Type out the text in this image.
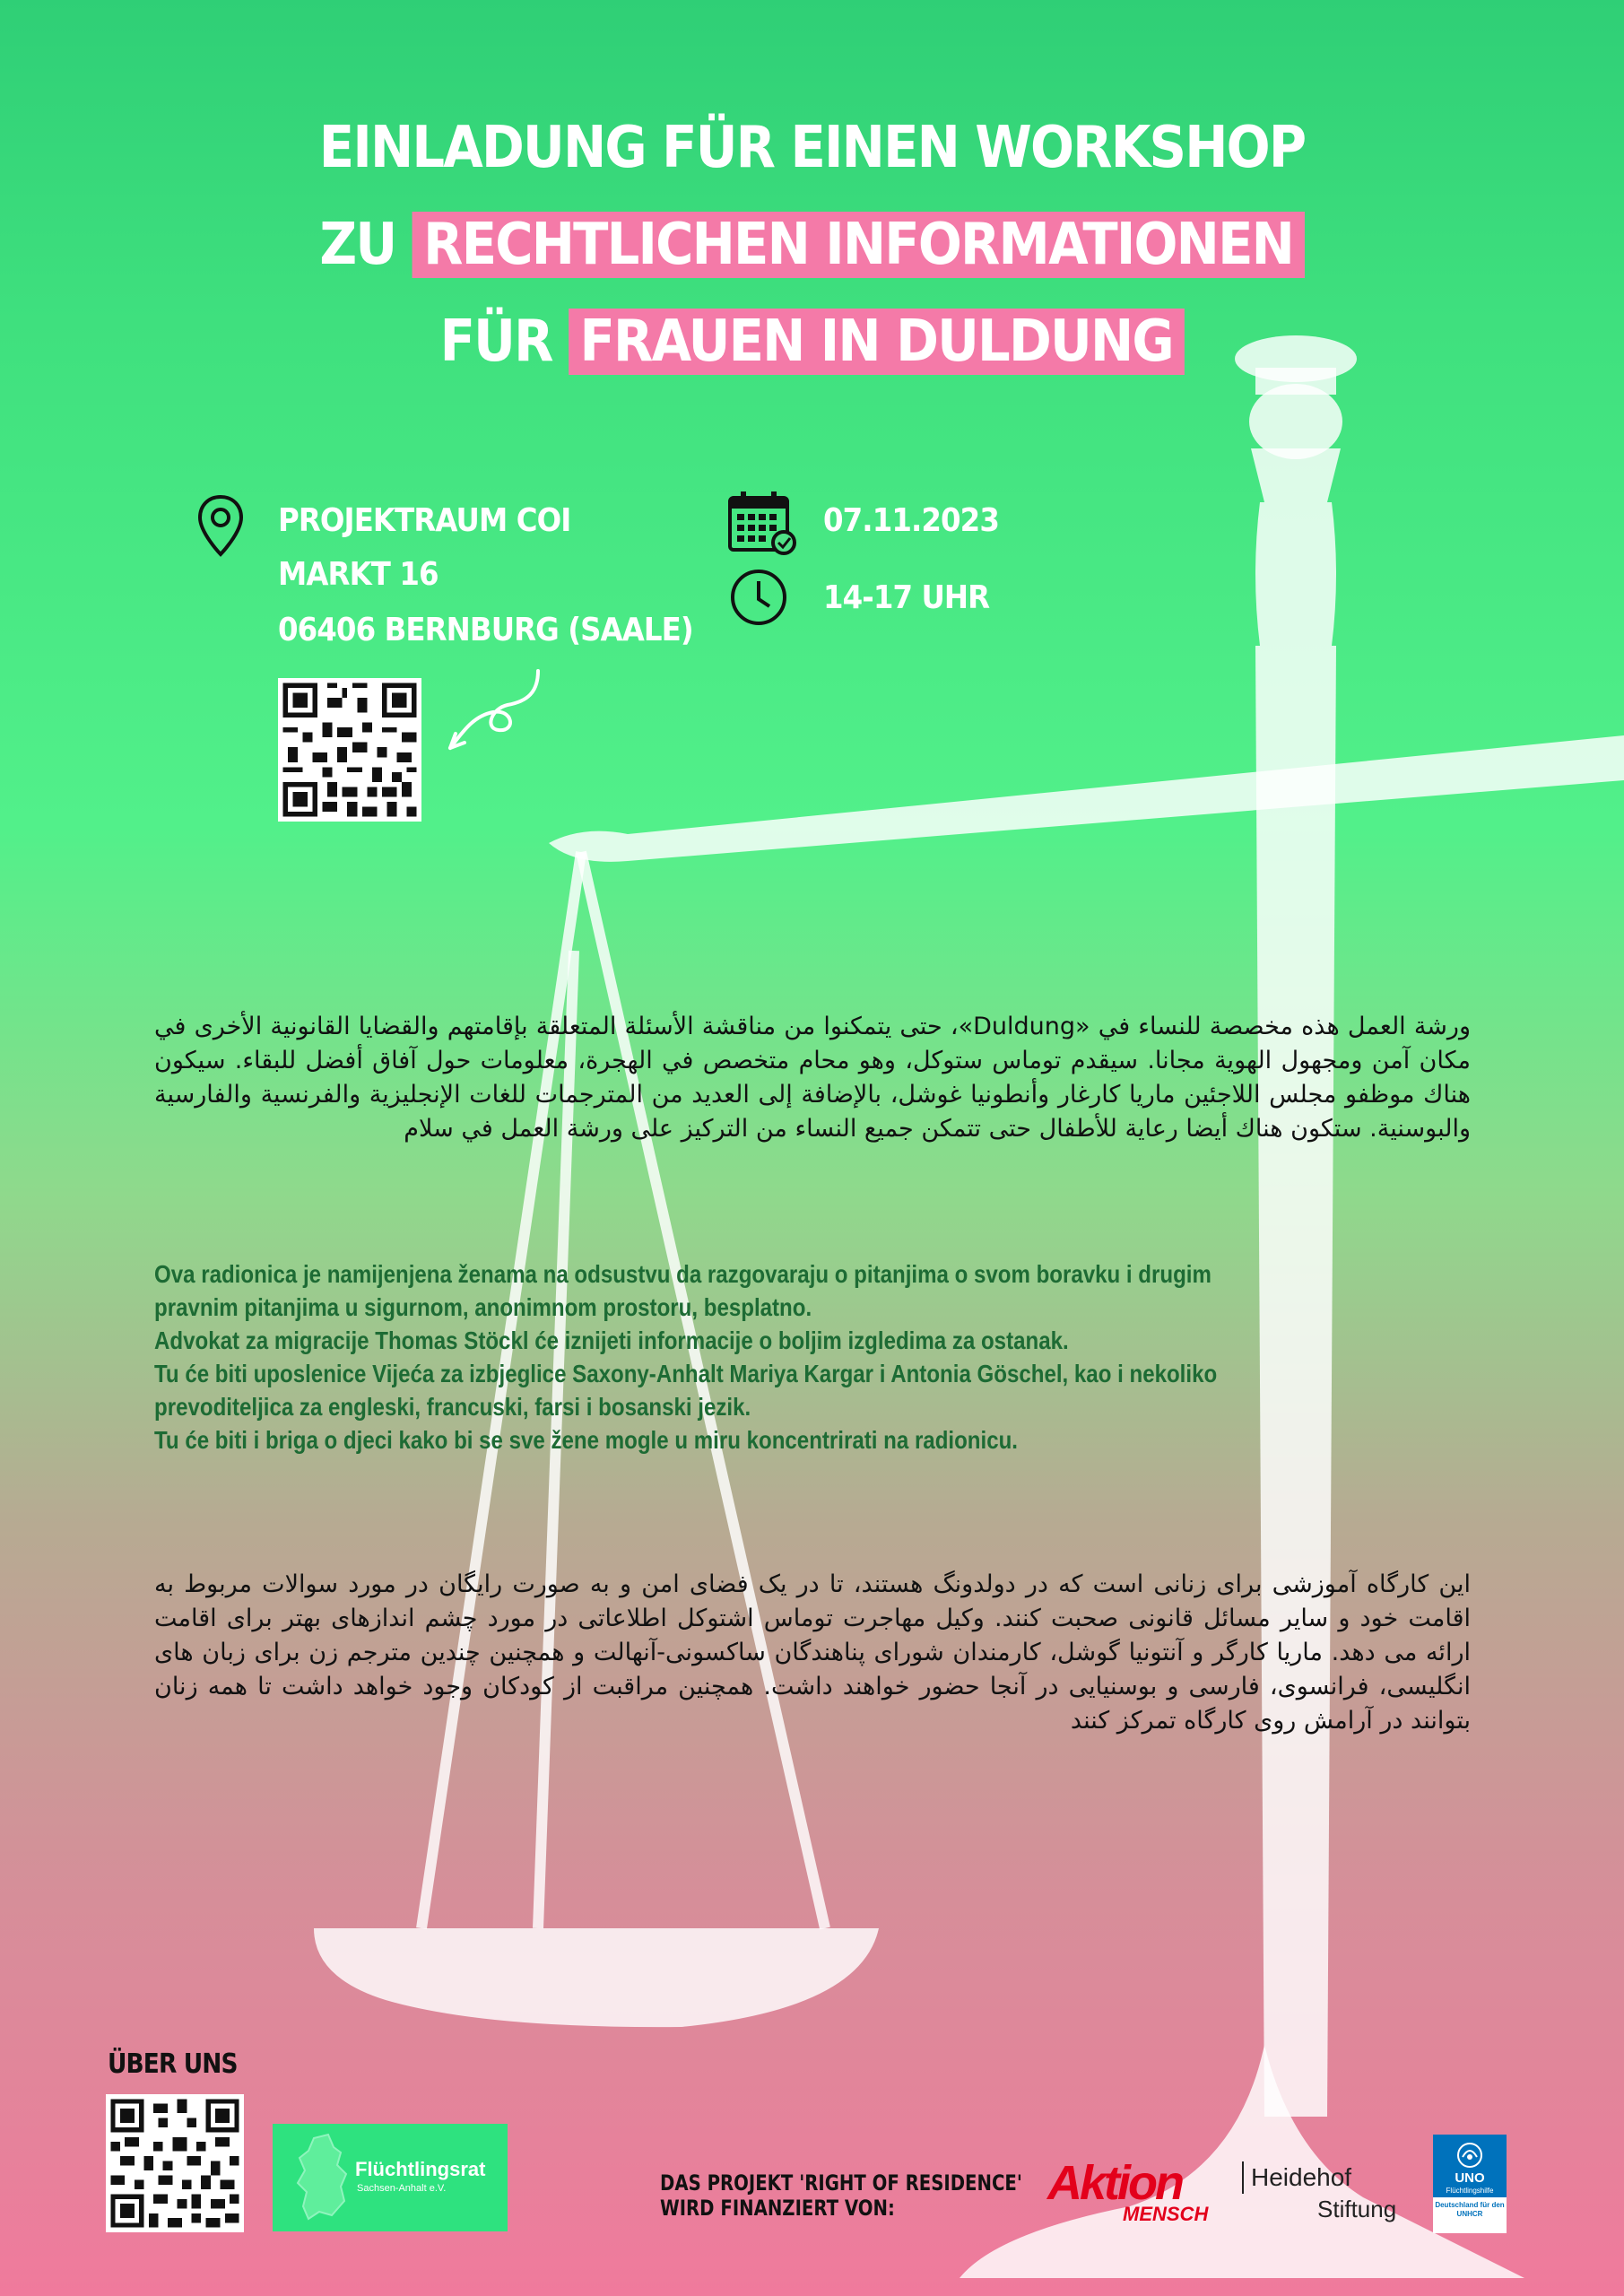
EINLADUNG FÜR EINEN WORKSHOP
ZU RECHTLICHEN INFORMATIONEN
FÜR FRAUEN IN DULDUNG
PROJEKTRAUM COI
MARKT 16
06406 BERNBURG (SAALE)
07.11.2023
14-17 UHR
ورشة العمل هذه مخصصة للنساء في «Duldung»، حتى يتمكنوا من مناقشة الأسئلة المتعلقة بإقامتهم والقضايا القانونية الأخرى في مكان آمن ومجهول الهوية مجانا. سيقدم توماس ستوكل، وهو محام متخصص في الهجرة، معلومات حول آفاق أفضل للبقاء. سيكون هناك موظفو مجلس اللاجئين ماريا كارغار وأنطونيا غوشل، بالإضافة إلى العديد من المترجمات للغات الإنجليزية والفرنسية والفارسية والبوسنية. ستكون هناك أيضا رعاية للأطفال حتى تتمكن جميع النساء من التركيز على ورشة العمل في سلام
Ova radionica je namijenjena ženama na odsustvu da razgovaraju o pitanjima o svom boravku i drugim
pravnim pitanjima u sigurnom, anonimnom prostoru, besplatno.
Advokat za migracije Thomas Stöckl će iznijeti informacije o boljim izgledima za ostanak.
Tu će biti uposlenice Vijeća za izbjeglice Saxony-Anhalt Mariya Kargar i Antonia Göschel, kao i nekoliko
prevoditeljica za engleski, francuski, farsi i bosanski jezik.
Tu će biti i briga o djeci kako bi se sve žene mogle u miru koncentrirati na radionicu.
این کارگاه آموزشی برای زنانی است که در دولدونگ هستند، تا در یک فضای امن و به صورت رایگان در مورد سوالات مربوط به اقامت خود و سایر مسائل قانونی صحبت کنند. وکیل مهاجرت توماس اشتوکل اطلاعاتی در مورد چشم اندازهای بهتر برای اقامت ارائه می دهد. ماریا کارگر و آنتونیا گوشل، کارمندان شورای پناهندگان ساکسونی-آنهالت و همچنین چندین مترجم زن برای زبان های انگلیسی، فرانسوی، فارسی و بوسنیایی در آنجا حضور خواهند داشت. همچنین مراقبت از کودکان وجود خواهد داشت تا همه زنان بتوانند در آرامش روی کارگاه تمرکز کنند
ÜBER UNS
Flüchtlingsrat
Sachsen-Anhalt e.V.	DAS PROJEKT 'RIGHT OF RESIDENCE'
WIRD FINANZIERT VON:	Aktion
MENSCH
Heidehof
Stiftung
UNO
Flüchtlingshilfe
Deutschland für den UNHCR
